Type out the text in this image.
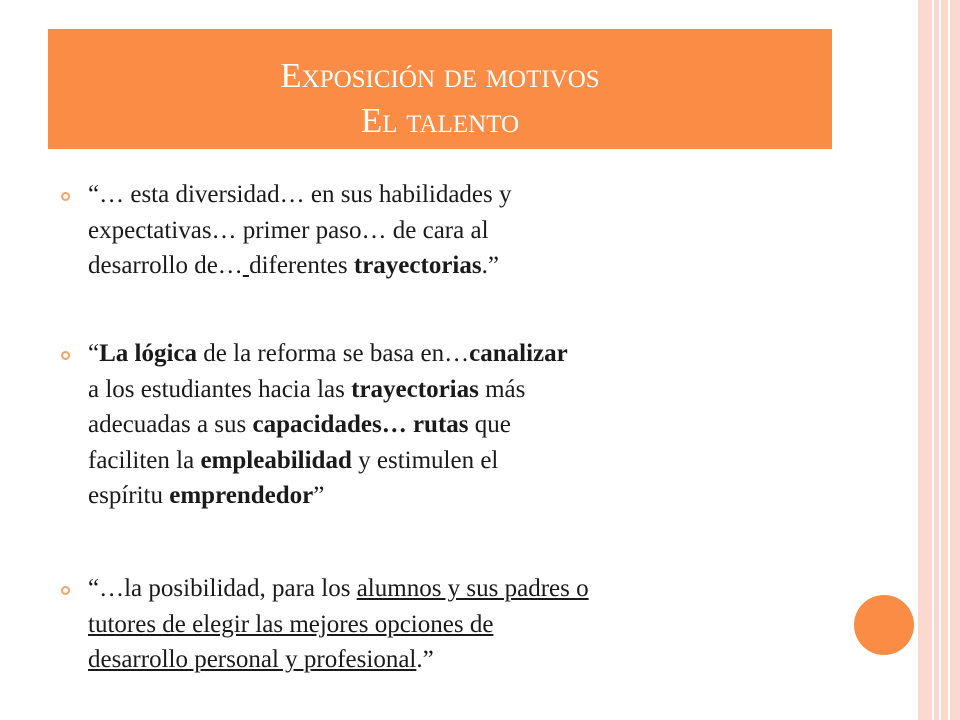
Exposición de motivos
El talento
“… esta diversidad… en sus habilidades y
expectativas… primer paso… de cara al
desarrollo de… diferentes trayectorias.”
“La lógica de la reforma se basa en…canalizar
a los estudiantes hacia las trayectorias más
adecuadas a sus capacidades… rutas que
faciliten la empleabilidad y estimulen el
espíritu emprendedor”
“…la posibilidad, para los alumnos y sus padres o
tutores de elegir las mejores opciones de
desarrollo personal y profesional.”
